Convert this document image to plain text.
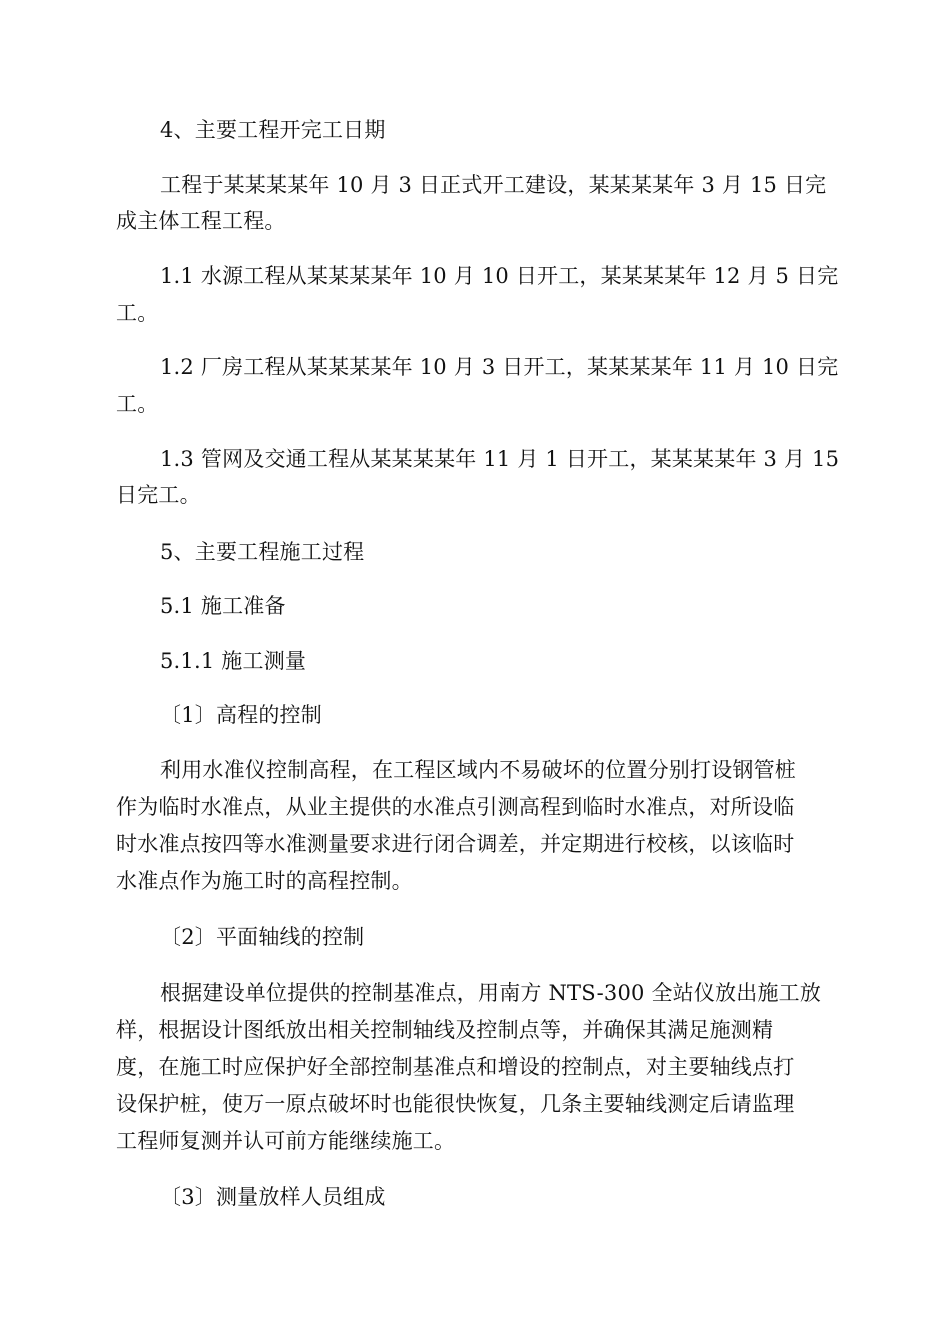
4、主要工程开完工日期
工程于某某某某年 10 月 3 日正式开工建设，某某某某年 3 月 15 日完
成主体工程工程。
1.1 水源工程从某某某某年 10 月 10 日开工，某某某某年 12 月 5 日完
工。
1.2 厂房工程从某某某某年 10 月 3 日开工，某某某某年 11 月 10 日完
工。
1.3 管网及交通工程从某某某某年 11 月 1 日开工，某某某某年 3 月 15
日完工。
5、主要工程施工过程
5.1 施工准备
5.1.1 施工测量
〔1〕高程的控制
利用水准仪控制高程，在工程区域内不易破坏的位置分别打设钢管桩
作为临时水准点，从业主提供的水准点引测高程到临时水准点，对所设临
时水准点按四等水准测量要求进行闭合调差，并定期进行校核，以该临时
水准点作为施工时的高程控制。
〔2〕平面轴线的控制
根据建设单位提供的控制基准点，用南方 NTS-300 全站仪放出施工放
样，根据设计图纸放出相关控制轴线及控制点等，并确保其满足施测精
度，在施工时应保护好全部控制基准点和增设的控制点，对主要轴线点打
设保护桩，使万一原点破坏时也能很快恢复，几条主要轴线测定后请监理
工程师复测并认可前方能继续施工。
〔3〕测量放样人员组成
